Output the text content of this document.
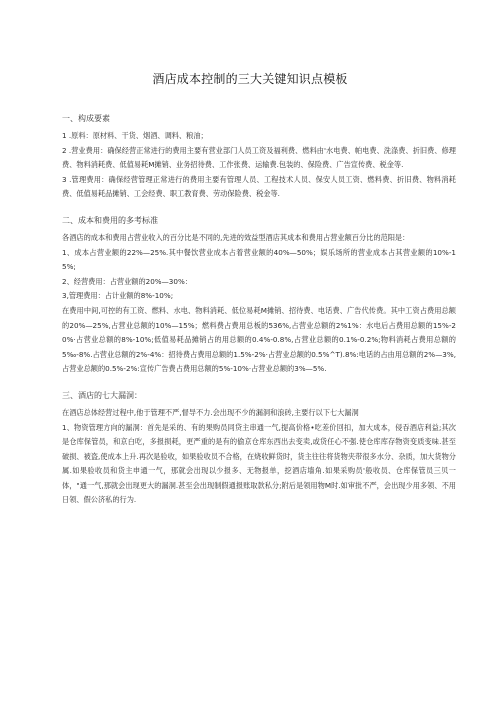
酒店成本控制的三大关键知识点模板
一、构成要素

1 .原料：原材料、干货、烟酒、调料、粮油；

2 .营业费用：确保经营正常进行的费用主要有营业部门人员工资及福利费、燃料由'水电费、帕电费、洗涤费、折旧费、修理费、物料消耗费、低值易耗M摊销、业务招待费、工作张费、运输费.包装的、保险费、广告宣传费、税金等.

3 .管理费用：确保经营管理正常进行的费用主要有管理人员、工程技术人员、保安人员工资、燃料费、折旧费、物料消耗费、低值易耗品摊销、工会经费、职工教育费、劳动保险费、税金等.

二、成本和费用的多考标准

各酒店的成本和费用占营业收入的百分比是不同的,先进的效益型酒店其成本和费用占营业额百分比的范阳是：

1、成本占营业额的22%—25%.其中餐饮营业成本占着营业额的40%—50%；娱乐场所的营业成本占其营业额的10%-15%;

2、经营费用：占营业额的20%—30%：

3,管理费用：占计业额的8%-10%;

在费用中间,可控的有工资、燃料、水电、物料消耗、低位易耗M摊销、招待费、电话费、广告代传费。其中工资占费用总额的20%—25%,占营业总额的10%—15%；燃料费占费用总板的536%,占营业总额的2%1%：水电后占费用总额的15%-20%·占营业总额的8%-10%;低值易耗品摊销占的用总额的0.4%-0.8%,占营业总额的0.1%-0.2%;物料消耗占费用总额的5‰-8%.占营业总额的2%-4%：招待费占费用总额的1.5%-2%·占营业总额的0.5%^T).8%:电话的占由用总额的2%—3%,占营业总额的0.5%-2%:宣传广告费占费用总额的5%-10%·占营业总额的3%—5%.

三、酒店的七大漏洞：

在酒店总体经营过程中,他于管理不严,督导不力.会出现不少的漏洞和浪砖,主要行以下七大漏洞

1、物资管理方向的漏洞：首先是采的、有的果购员同贷主串通一气,提高价格•吃差价回扣，加大成本，侵吞酒店利益;其次是仓库保管员，和京白吃，多报损耗，更严重的是有的偷京仓库东西出去变卖,或货任心不强.使仓库库存物资变质变味.甚至破损、被盗,使成本上升.再次是验收，如果验收员不合格，在烧收鲜货时，货主往往将货物夹带很多水分、杂质，加大货物分属.如果验收员和货主申通一气，那就会出现以少报多、无物报单，挖酒店墙角.如果采购员'般收员、仓库保管员三贝一体，"通一气,那就会出现更大的漏洞.甚至会出现制假通报账取款私分;附后是领用物M时.如审批不严，会出现少用多领、不用日领、假公济私的行为.
